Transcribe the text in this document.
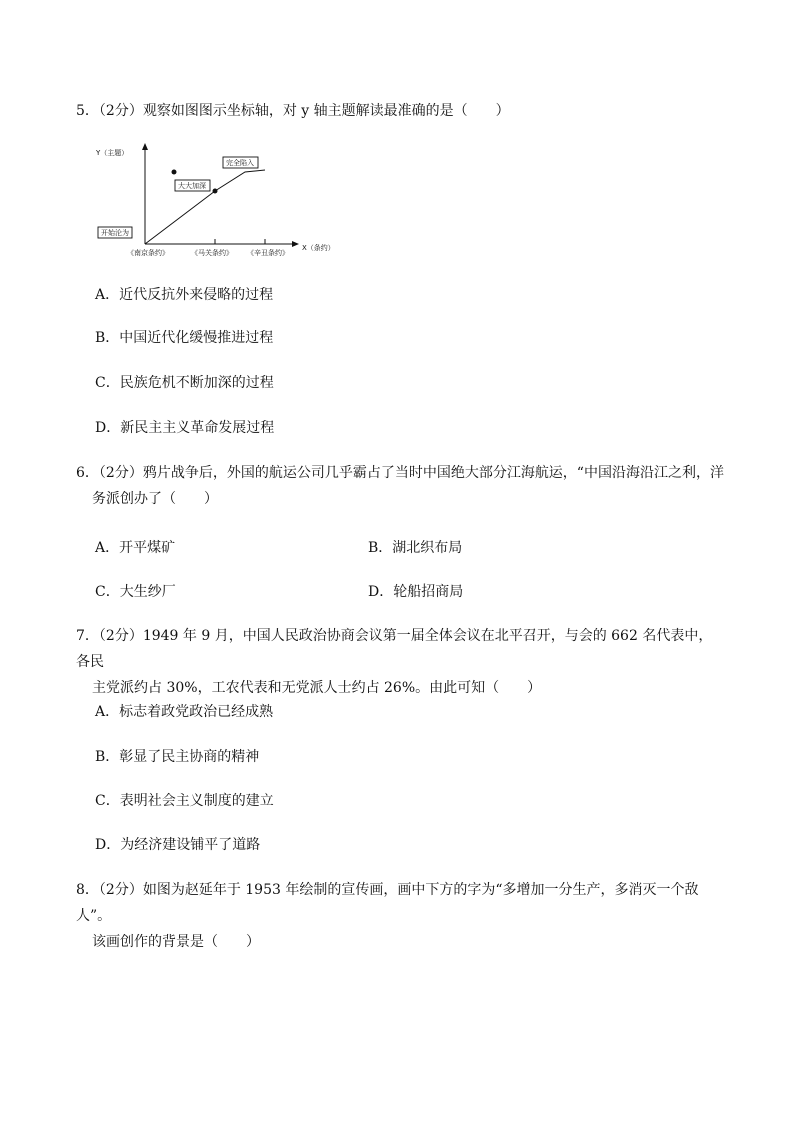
5．（2分）观察如图图示坐标轴，对 y 轴主题解读最准确的是（　　）

Y（主题）
X（条约）
《南京条约》	《马关条约》 《辛丑条约》
开始沦为
大大加深
完全陷入
A．近代反抗外来侵略的过程
B．中国近代化缓慢推进过程
C．民族危机不断加深的过程
D．新民主主义革命发展过程

6．（2分）鸦片战争后，外国的航运公司几乎霸占了当时中国绝大部分江海航运，“中国沿海沿江之利，洋
务派创办了（　　）

A．开平煤矿	B．湖北织布局
C．大生纱厂	D．轮船招商局

7．（2分）1949 年 9 月，中国人民政治协商会议第一届全体会议在北平召开，与会的 662 名代表中，各民
主党派约占 30%，工农代表和无党派人士约占 26%。由此可知（　　）

A．标志着政党政治已经成熟
B．彰显了民主协商的精神
C．表明社会主义制度的建立
D．为经济建设铺平了道路

8．（2分）如图为赵延年于 1953 年绘制的宣传画，画中下方的字为“多增加一分生产，多消灭一个敌人”。
该画创作的背景是（　　）
